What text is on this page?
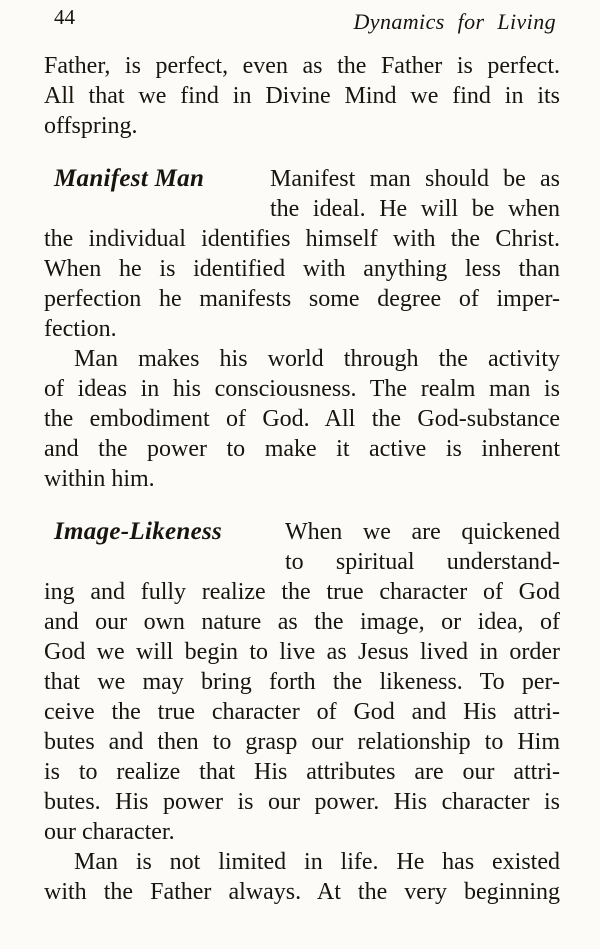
44	Dynamics for Living
Father, is perfect, even as the Father is perfect.
All that we find in Divine Mind we find in its
offspring.
Manifest Man	Manifest man should be as
the ideal. He will be when
the individual identifies himself with the Christ.
When he is identified with anything less than
perfection he manifests some degree of imper-
fection.
Man makes his world through the activity
of ideas in his consciousness. The realm man is
the embodiment of God. All the God-substance
and the power to make it active is inherent
within him.
Image-Likeness	When we are quickened
to spiritual understand-
ing and fully realize the true character of God
and our own nature as the image, or idea, of
God we will begin to live as Jesus lived in order
that we may bring forth the likeness. To per-
ceive the true character of God and His attri-
butes and then to grasp our relationship to Him
is to realize that His attributes are our attri-
butes. His power is our power. His character is
our character.
Man is not limited in life. He has existed
with the Father always. At the very beginning
